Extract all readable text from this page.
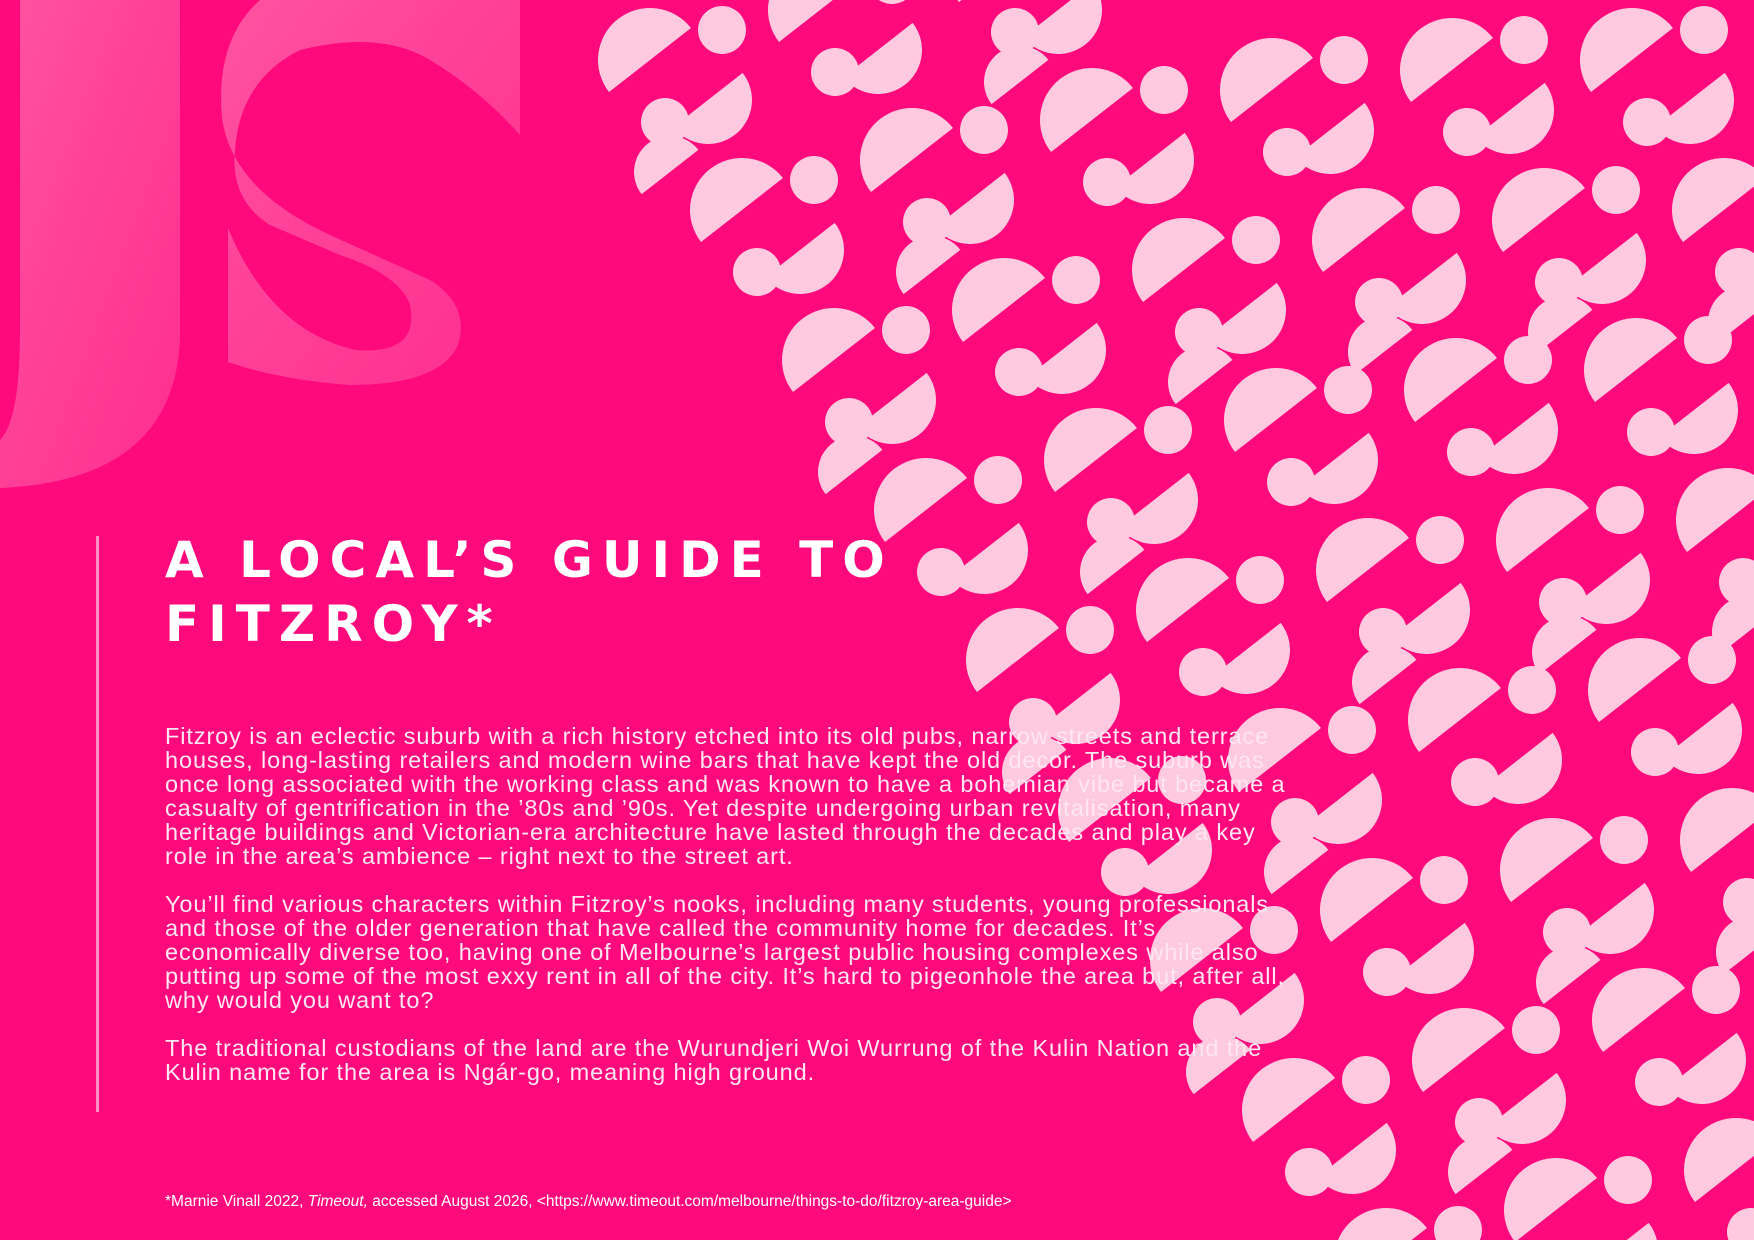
A LOCAL’S GUIDE TO
FITZROY*

Fitzroy is an eclectic suburb with a rich history etched into its old pubs, narrow streets and terrace houses, long-lasting retailers and modern wine bars that have kept the old decor. The suburb was once long associated with the working class and was known to have a bohemian vibe but became a casualty of gentrification in the ’80s and ’90s. Yet despite undergoing urban revitalisation, many heritage buildings and Victorian-era architecture have lasted through the decades and play a key role in the area’s ambience – right next to the street art.

You’ll find various characters within Fitzroy’s nooks, including many students, young professionals and those of the older generation that have called the community home for decades. It’s economically diverse too, having one of Melbourne’s largest public housing complexes while also putting up some of the most exxy rent in all of the city. It’s hard to pigeonhole the area but, after all, why would you want to?

The traditional custodians of the land are the Wurundjeri Woi Wurrung of the Kulin Nation and the Kulin name for the area is Ngár-go, meaning high ground.

*Marnie Vinall 2022, Timeout, accessed August 2026, <https://www.timeout.com/melbourne/things-to-do/fitzroy-area-guide>
